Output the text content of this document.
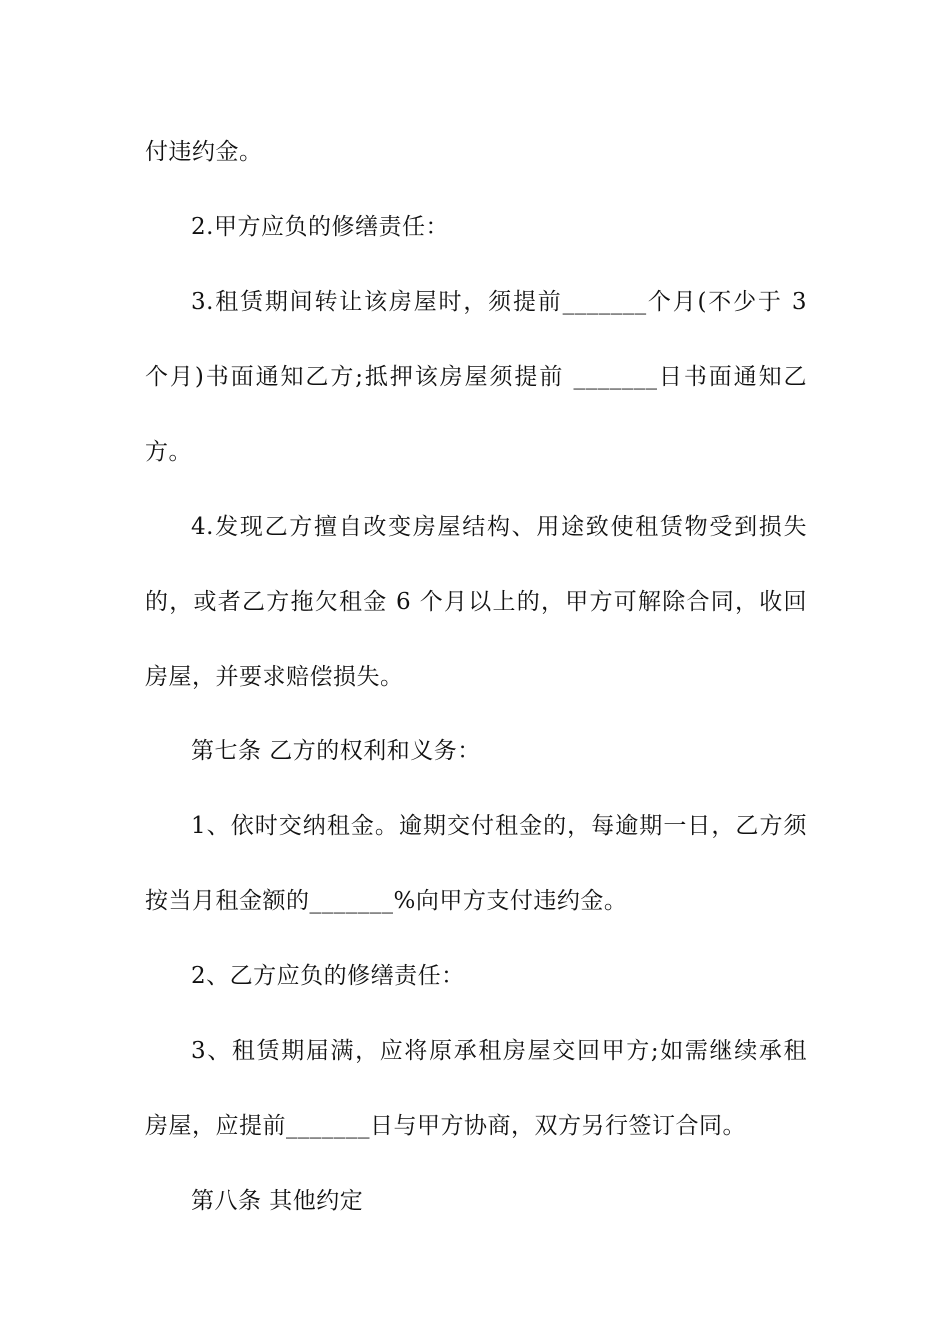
付违约金。
2.甲方应负的修缮责任：
3.租赁期间转让该房屋时，须提前_______个月(不少于 3
个月)书面通知乙方;抵押该房屋须提前 _______日书面通知乙
方。
4.发现乙方擅自改变房屋结构、用途致使租赁物受到损失
的，或者乙方拖欠租金 6 个月以上的，甲方可解除合同，收回
房屋，并要求赔偿损失。
第七条 乙方的权利和义务：
1、依时交纳租金。逾期交付租金的，每逾期一日，乙方须
按当月租金额的_______%向甲方支付违约金。
2、乙方应负的修缮责任：
3、租赁期届满，应将原承租房屋交回甲方;如需继续承租
房屋，应提前_______日与甲方协商，双方另行签订合同。
第八条 其他约定
